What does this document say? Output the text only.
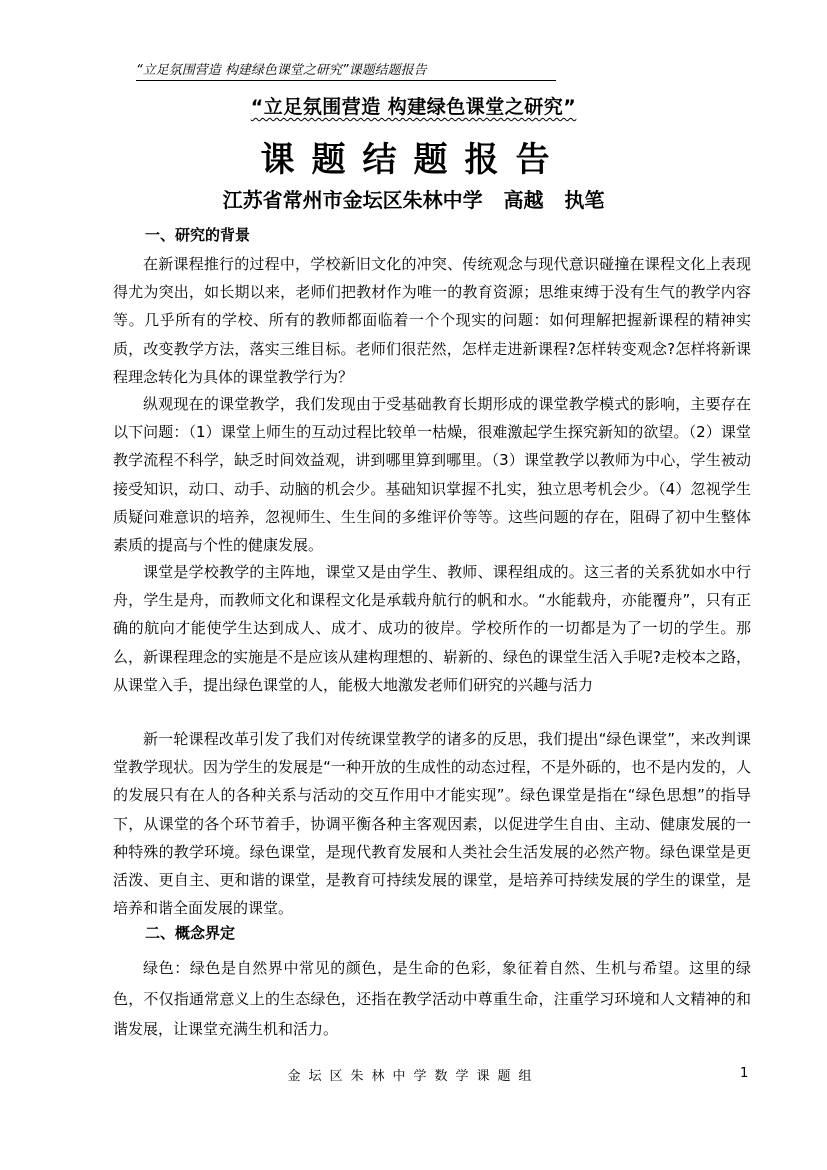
“立足氛围营造 构建绿色课堂之研究”课题结题报告
“立足氛围营造 构建绿色课堂之研究”
课题结题报告
江苏省常州市金坛区朱林中学   高越   执笔
一、研究的背景
在新课程推行的过程中，学校新旧文化的冲突、传统观念与现代意识碰撞在课程文化上表现得尤为突出，如长期以来，老师们把教材作为唯一的教育资源；思维束缚于没有生气的教学内容等。几乎所有的学校、所有的教师都面临着一个个现实的问题：如何理解把握新课程的精神实质，改变教学方法，落实三维目标。老师们很茫然，怎样走进新课程?怎样转变观念?怎样将新课程理念转化为具体的课堂教学行为？
纵观现在的课堂教学，我们发现由于受基础教育长期形成的课堂教学模式的影响，主要存在以下问题：（1）课堂上师生的互动过程比较单一枯燥，很难激起学生探究新知的欲望。（2）课堂教学流程不科学，缺乏时间效益观，讲到哪里算到哪里。（3）课堂教学以教师为中心，学生被动接受知识，动口、动手、动脑的机会少。基础知识掌握不扎实，独立思考机会少。（4）忽视学生质疑问难意识的培养，忽视师生、生生间的多维评价等等。这些问题的存在，阻碍了初中生整体素质的提高与个性的健康发展。
课堂是学校教学的主阵地，课堂又是由学生、教师、课程组成的。这三者的关系犹如水中行舟，学生是舟，而教师文化和课程文化是承载舟航行的帆和水。“水能载舟，亦能覆舟”，只有正确的航向才能使学生达到成人、成才、成功的彼岸。学校所作的一切都是为了一切的学生。那么，新课程理念的实施是不是应该从建构理想的、崭新的、绿色的课堂生活入手呢?走校本之路，从课堂入手，提出绿色课堂的人，能极大地激发老师们研究的兴趣与活力
新一轮课程改革引发了我们对传统课堂教学的诸多的反思，我们提出“绿色课堂”，来改判课堂教学现状。因为学生的发展是“一种开放的生成性的动态过程，不是外砾的，也不是内发的，人的发展只有在人的各种关系与活动的交互作用中才能实现”。绿色课堂是指在“绿色思想”的指导下，从课堂的各个环节着手，协调平衡各种主客观因素，以促进学生自由、主动、健康发展的一种特殊的教学环境。绿色课堂，是现代教育发展和人类社会生活发展的必然产物。绿色课堂是更活泼、更自主、更和谐的课堂，是教育可持续发展的课堂，是培养可持续发展的学生的课堂，是培养和谐全面发展的课堂。
二、概念界定
绿色：绿色是自然界中常见的颜色，是生命的色彩，象征着自然、生机与希望。这里的绿色，不仅指通常意义上的生态绿色，还指在教学活动中尊重生命，注重学习环境和人文精神的和谐发展，让课堂充满生机和活力。
金坛区朱林中学数学课题组	1
